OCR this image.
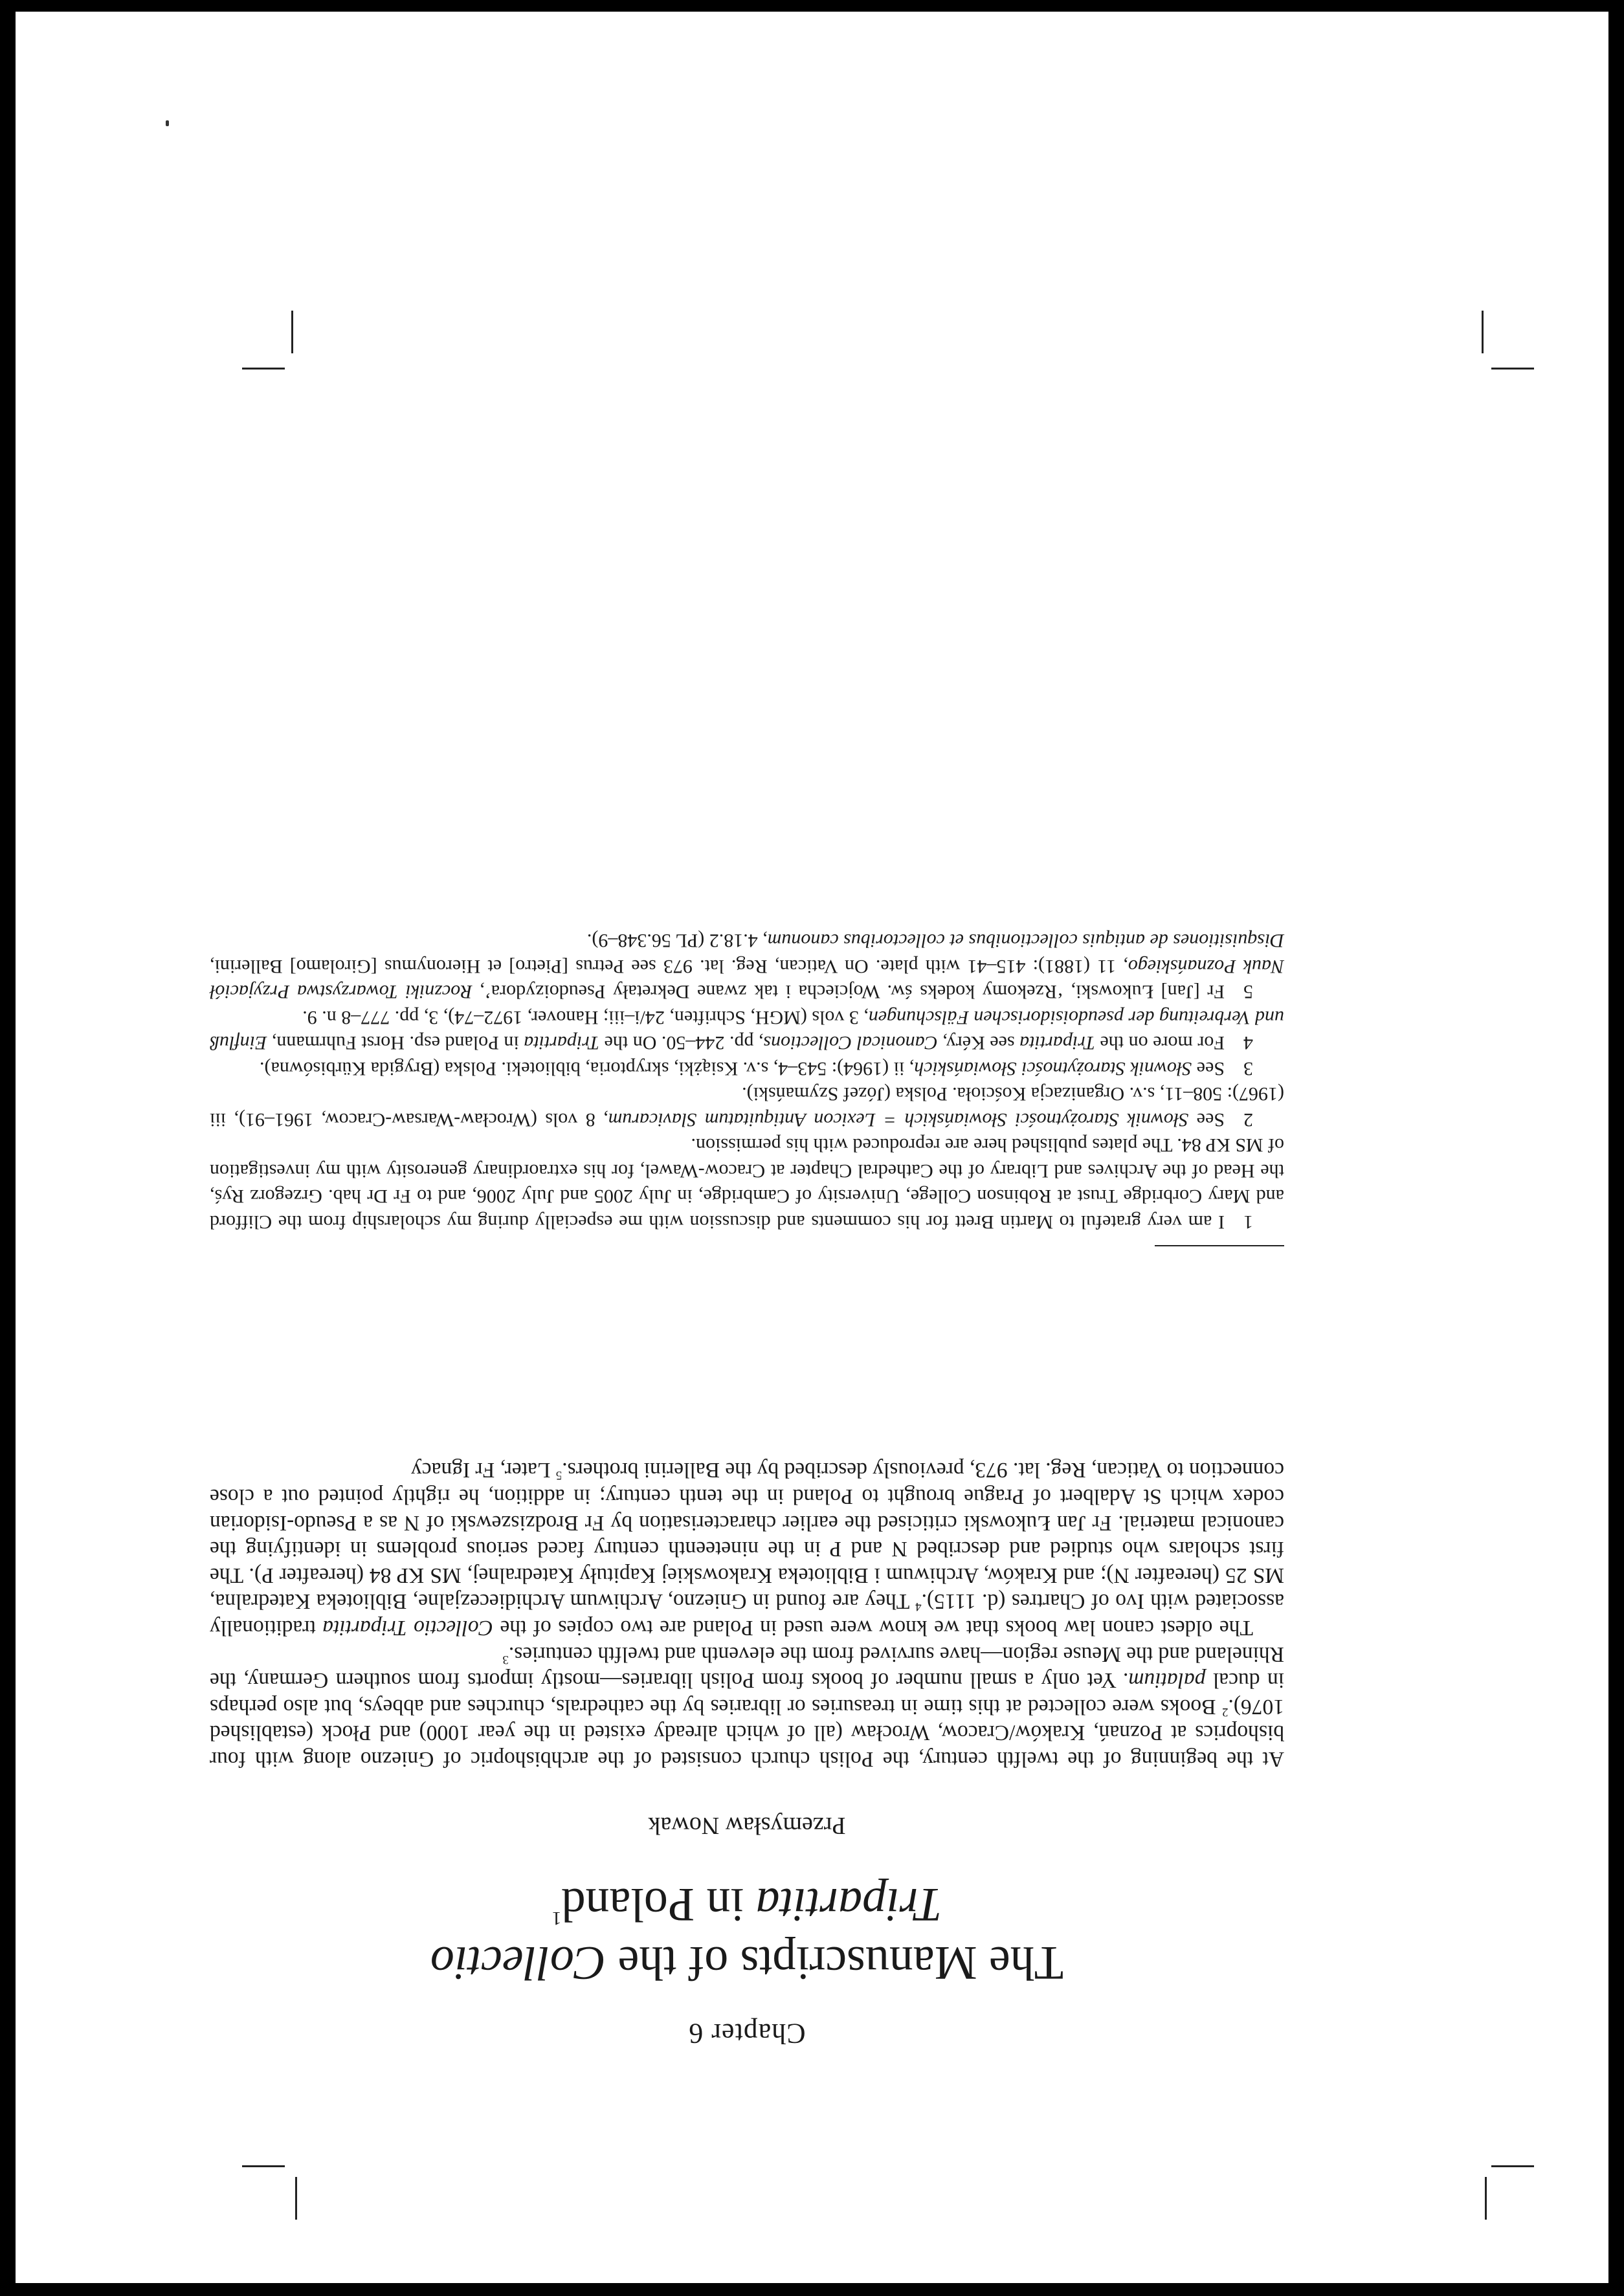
Chapter 6
The Manuscripts of the Collectio
Tripartita in Poland$^1$
Przemysław Nowak

At the beginning of the twelfth century, the Polish church consisted of the archbishopric of Gniezno along with four bishoprics at Poznań, Kraków/Cracow, Wrocław (all of which already existed in the year 1000) and Płock (established 1076).$^2$ Books were collected at this time in treasuries or libraries by the cathedrals, churches and abbeys, but also perhaps in ducal palatium. Yet only a small number of books from Polish libraries—mostly imports from southern Germany, the Rhineland and the Meuse region—have survived from the eleventh and twelfth centuries.$^3$

The oldest canon law books that we know were used in Poland are two copies of the Collectio Tripartita traditionally associated with Ivo of Chartres (d. 1115).$^4$ They are found in Gniezno, Archiwum Archidiecezjalne, Biblioteka Katedralna, MS 25 (hereafter N); and Kraków, Archiwum i Biblioteka Krakowskiej Kapituły Katedralnej, MS KP 84 (hereafter P). The first scholars who studied and described N and P in the nineteenth century faced serious problems in identifying the canonical material. Fr Jan Łukowski criticised the earlier characterisation by Fr Brodziszewski of N as a Pseudo-Isidorian codex which St Adalbert of Prague brought to Poland in the tenth century; in addition, he rightly pointed out a close connection to Vatican, Reg. lat. 973, previously described by the Ballerini brothers.$^5$ Later, Fr Ignacy

1I am very grateful to Martin Brett for his comments and discussion with me especially during my scholarship from the Clifford and Mary Corbridge Trust at Robinson College, University of Cambridge, in July 2005 and July 2006, and to Fr Dr hab. Grzegorz Ryś, the Head of the Archives and Library of the Cathedral Chapter at Cracow-Wawel, for his extraordinary generosity with my investigation of MS KP 84. The plates published here are reproduced with his permission.

2See Słownik Starożytności Słowiańskich = Lexicon Antiquitatum Slavicarum, 8 vols (Wrocław-Warsaw-Cracow, 1961–91), iii (1967): 508–11, s.v. Organizacja Kościoła. Polska (Józef Szymański).

3See Słownik Starożytności Słowiańskich, ii (1964): 543–4, s.v. Książki, skryptoria, biblioteki. Polska (Brygida Kürbisówna).

4For more on the Tripartita see Kéry, Canonical Collections, pp. 244–50. On the Tripartita in Poland esp. Horst Fuhrmann, Einfluß und Verbreitung der pseudoisidorischen Fälschungen, 3 vols (MGH, Schriften, 24/i–iii; Hanover, 1972–74), 3, pp. 777–8 n. 9.

5Fr [Jan] Łukowski, ‘Rzekomy kodeks św. Wojciecha i tak zwane Dekretały Pseudoizydora’, Roczniki Towarzystwa Przyjaciół Nauk Poznańskiego, 11 (1881): 415–41 with plate. On Vatican, Reg. lat. 973 see Petrus [Pietro] et Hieronymus [Girolamo] Ballerini, Disquisitiones de antiquis collectionibus et collectoribus canonum, 4.18.2 (PL 56.348–9).
